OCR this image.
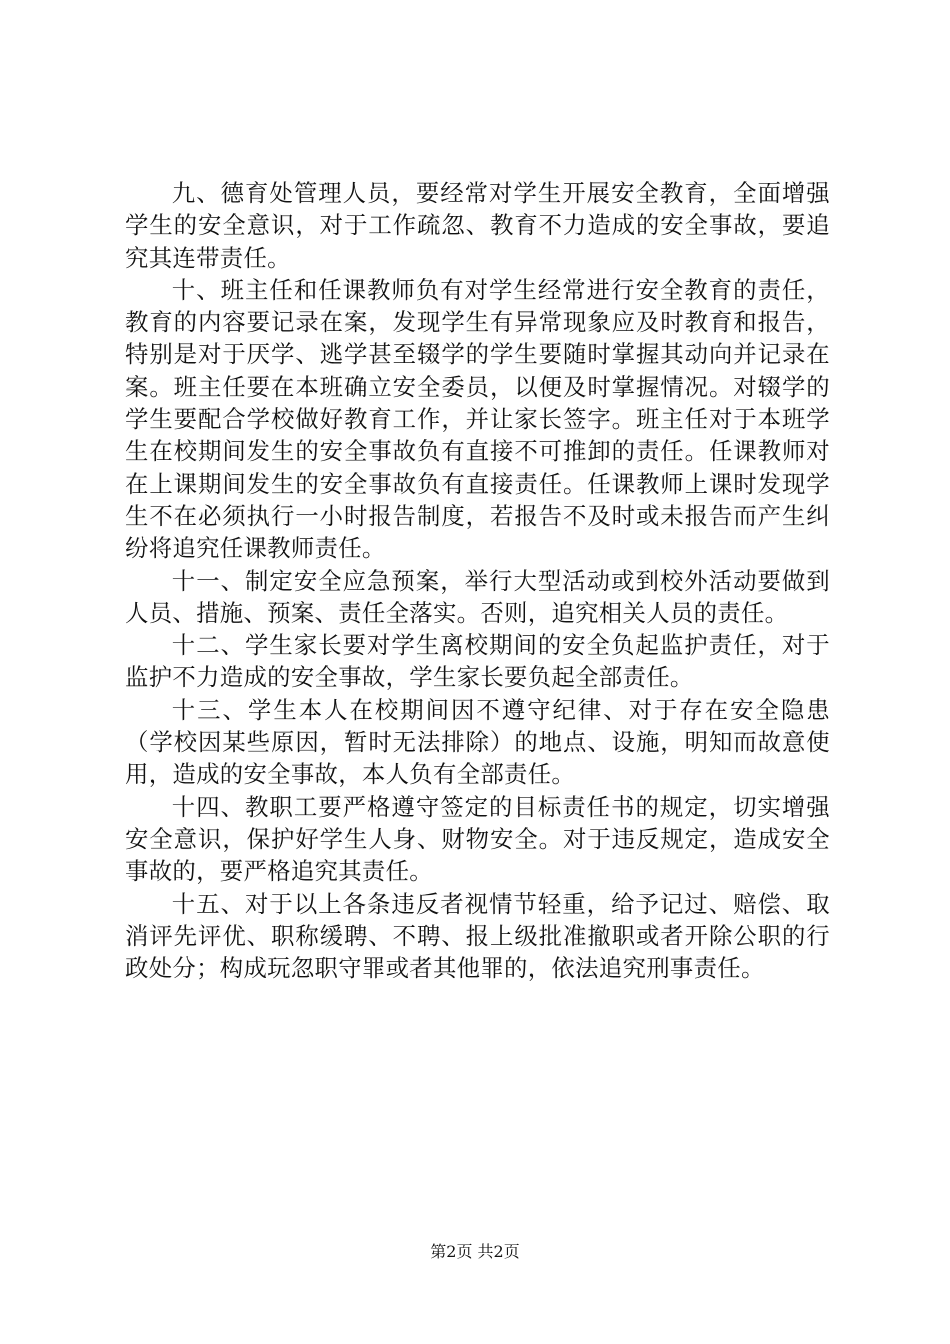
九、德育处管理人员，要经常对学生开展安全教育，全面增强学生的安全意识，对于工作疏忽、教育不力造成的安全事故，要追究其连带责任。

十、班主任和任课教师负有对学生经常进行安全教育的责任，教育的内容要记录在案，发现学生有异常现象应及时教育和报告，特别是对于厌学、逃学甚至辍学的学生要随时掌握其动向并记录在案。班主任要在本班确立安全委员，以便及时掌握情况。对辍学的学生要配合学校做好教育工作，并让家长签字。班主任对于本班学生在校期间发生的安全事故负有直接不可推卸的责任。任课教师对在上课期间发生的安全事故负有直接责任。任课教师上课时发现学生不在必须执行一小时报告制度，若报告不及时或未报告而产生纠纷将追究任课教师责任。

十一、制定安全应急预案，举行大型活动或到校外活动要做到人员、措施、预案、责任全落实。否则，追究相关人员的责任。

十二、学生家长要对学生离校期间的安全负起监护责任，对于监护不力造成的安全事故，学生家长要负起全部责任。

十三、学生本人在校期间因不遵守纪律、对于存在安全隐患（学校因某些原因，暂时无法排除）的地点、设施，明知而故意使用，造成的安全事故，本人负有全部责任。

十四、教职工要严格遵守签定的目标责任书的规定，切实增强安全意识，保护好学生人身、财物安全。对于违反规定，造成安全事故的，要严格追究其责任。

十五、对于以上各条违反者视情节轻重，给予记过、赔偿、取消评先评优、职称缓聘、不聘、报上级批准撤职或者开除公职的行政处分；构成玩忽职守罪或者其他罪的，依法追究刑事责任。

第2页 共2页
